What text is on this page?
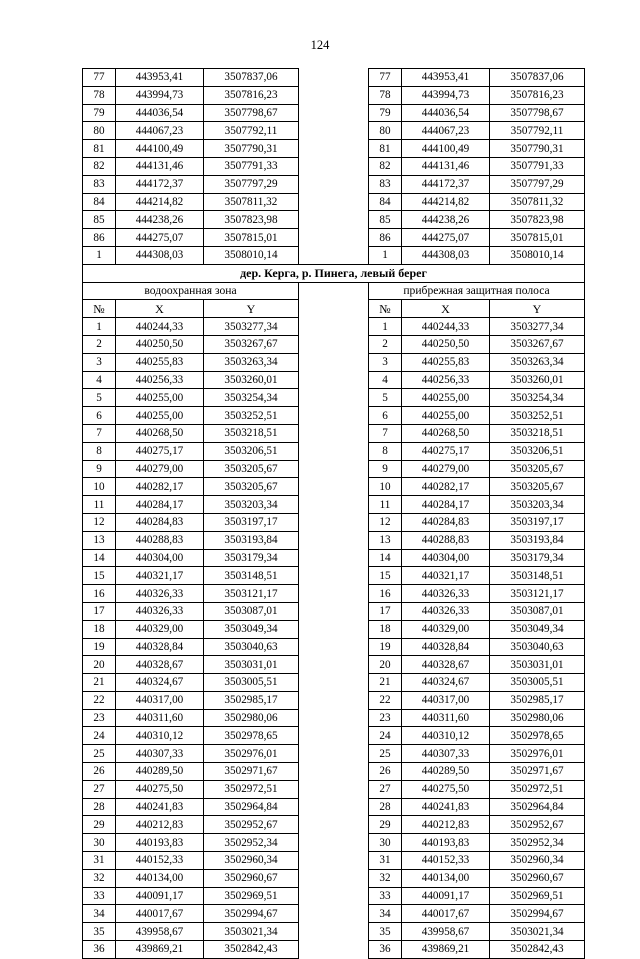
124
77	443953,41	3507837,06		77	443953,41	3507837,06
78	443994,73	3507816,23		78	443994,73	3507816,23
79	444036,54	3507798,67		79	444036,54	3507798,67
80	444067,23	3507792,11		80	444067,23	3507792,11
81	444100,49	3507790,31		81	444100,49	3507790,31
82	444131,46	3507791,33		82	444131,46	3507791,33
83	444172,37	3507797,29		83	444172,37	3507797,29
84	444214,82	3507811,32		84	444214,82	3507811,32
85	444238,26	3507823,98		85	444238,26	3507823,98
86	444275,07	3507815,01		86	444275,07	3507815,01
1	444308,03	3508010,14		1	444308,03	3508010,14
дер. Керга, р. Пинега, левый берег						
водоохранная зона				прибрежная защитная полоса		
№	X	Y		№	X	Y
1	440244,33	3503277,34		1	440244,33	3503277,34
2	440250,50	3503267,67		2	440250,50	3503267,67
3	440255,83	3503263,34		3	440255,83	3503263,34
4	440256,33	3503260,01		4	440256,33	3503260,01
5	440255,00	3503254,34		5	440255,00	3503254,34
6	440255,00	3503252,51		6	440255,00	3503252,51
7	440268,50	3503218,51		7	440268,50	3503218,51
8	440275,17	3503206,51		8	440275,17	3503206,51
9	440279,00	3503205,67		9	440279,00	3503205,67
10	440282,17	3503205,67		10	440282,17	3503205,67
11	440284,17	3503203,34		11	440284,17	3503203,34
12	440284,83	3503197,17		12	440284,83	3503197,17
13	440288,83	3503193,84		13	440288,83	3503193,84
14	440304,00	3503179,34		14	440304,00	3503179,34
15	440321,17	3503148,51		15	440321,17	3503148,51
16	440326,33	3503121,17		16	440326,33	3503121,17
17	440326,33	3503087,01		17	440326,33	3503087,01
18	440329,00	3503049,34		18	440329,00	3503049,34
19	440328,84	3503040,63		19	440328,84	3503040,63
20	440328,67	3503031,01		20	440328,67	3503031,01
21	440324,67	3503005,51		21	440324,67	3503005,51
22	440317,00	3502985,17		22	440317,00	3502985,17
23	440311,60	3502980,06		23	440311,60	3502980,06
24	440310,12	3502978,65		24	440310,12	3502978,65
25	440307,33	3502976,01		25	440307,33	3502976,01
26	440289,50	3502971,67		26	440289,50	3502971,67
27	440275,50	3502972,51		27	440275,50	3502972,51
28	440241,83	3502964,84		28	440241,83	3502964,84
29	440212,83	3502952,67		29	440212,83	3502952,67
30	440193,83	3502952,34		30	440193,83	3502952,34
31	440152,33	3502960,34		31	440152,33	3502960,34
32	440134,00	3502960,67		32	440134,00	3502960,67
33	440091,17	3502969,51		33	440091,17	3502969,51
34	440017,67	3502994,67		34	440017,67	3502994,67
35	439958,67	3503021,34		35	439958,67	3503021,34
36	439869,21	3502842,43		36	439869,21	3502842,43
